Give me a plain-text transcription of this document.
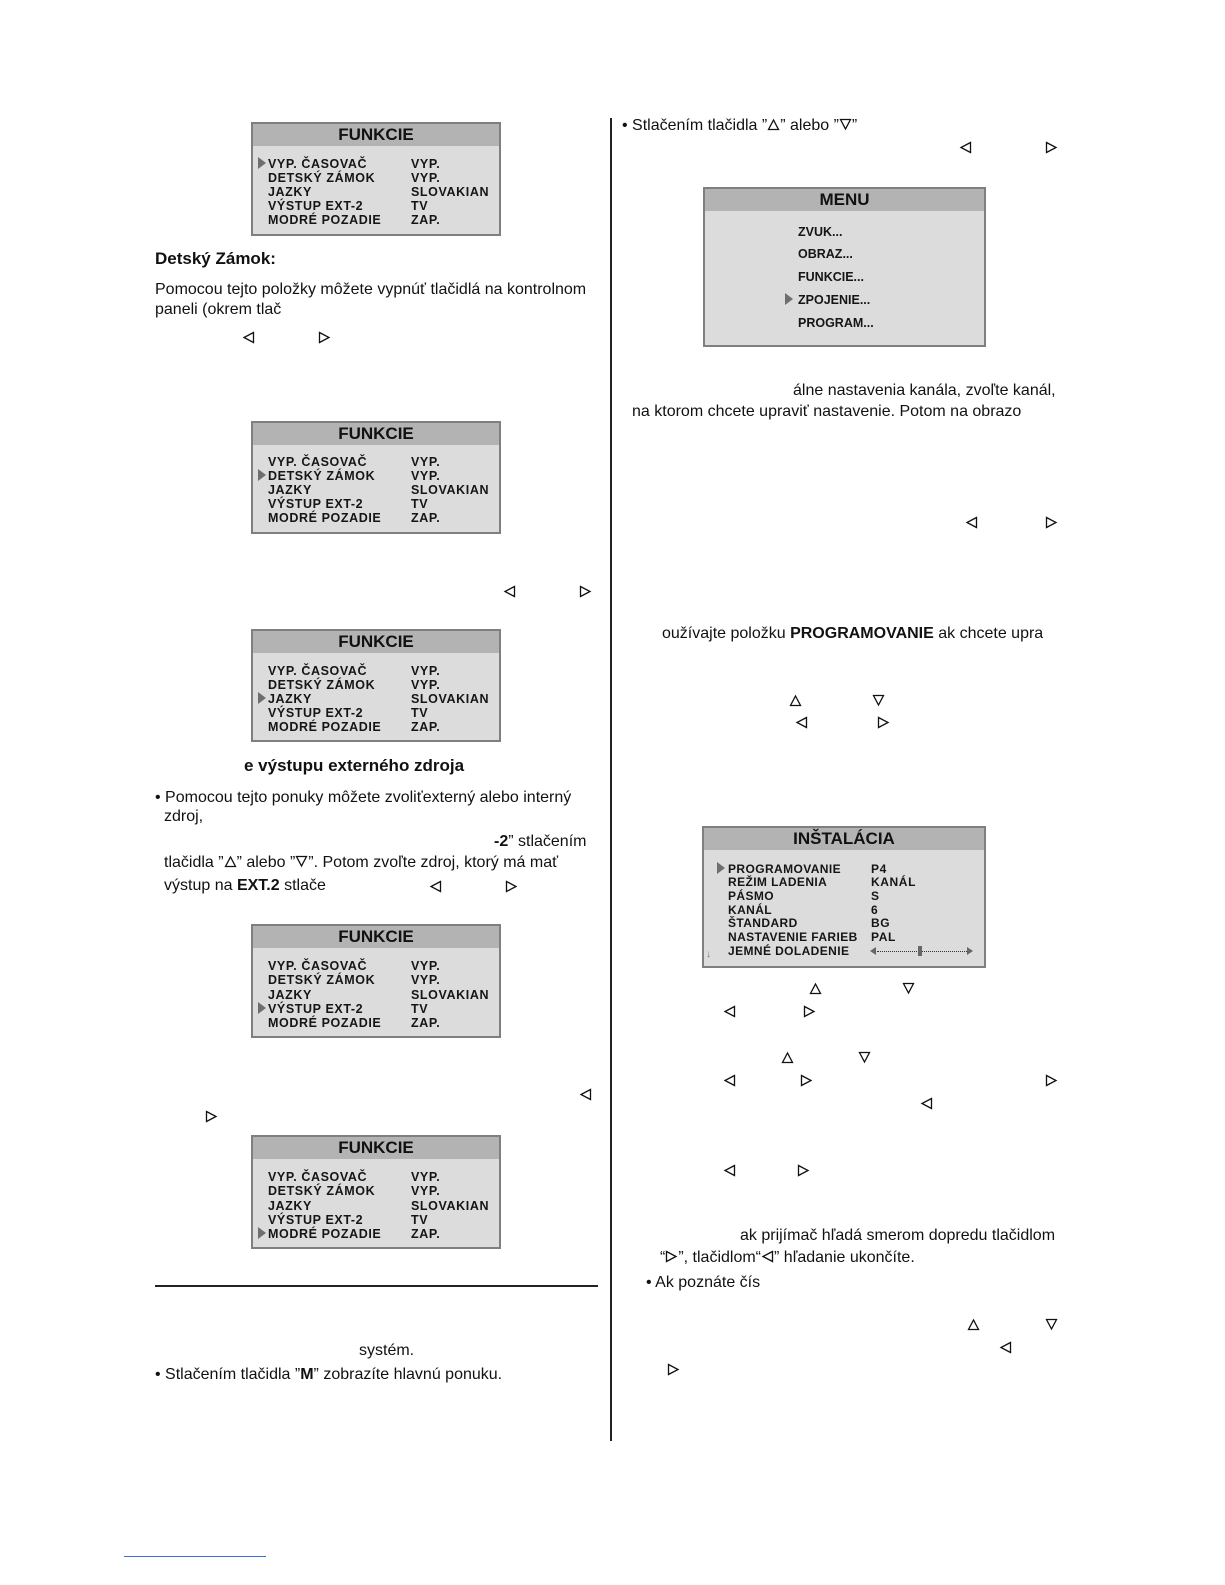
FUNKCIE
VYP. ČASOVAČ	VYP.
DETSKÝ ZÁMOK	VYP.
JAZKY	SLOVAKIAN
VÝSTUP EXT-2	TV
MODRÉ POZADIE ZAP.
Detský Zámok:
Pomocou tejto položky môžete vypnúť tlačidlá na kontrolnom
paneli (okrem tlač
FUNKCIE
VYP. ČASOVAČ	VYP.
DETSKÝ ZÁMOK	VYP.
JAZKY	SLOVAKIAN
VÝSTUP EXT-2	TV
MODRÉ POZADIE ZAP.
FUNKCIE
VYP. ČASOVAČ	VYP.
DETSKÝ ZÁMOK	VYP.
JAZKY	SLOVAKIAN
VÝSTUP EXT-2	TV
MODRÉ POZADIE ZAP.
e výstupu externého zdroja
• Pomocou tejto ponuky môžete zvoliťexterný alebo interný
zdroj,
-2” stlačením
tlačidla ” ” alebo ” ”. Potom zvoľte zdroj, ktorý má mať
výstup na EXT.2 stlače
FUNKCIE
VYP. ČASOVAČ	VYP.
DETSKÝ ZÁMOK	VYP.
JAZKY	SLOVAKIAN
VÝSTUP EXT-2	TV
MODRÉ POZADIE ZAP.
FUNKCIE
VYP. ČASOVAČ	VYP.
DETSKÝ ZÁMOK	VYP.
JAZKY	SLOVAKIAN
VÝSTUP EXT-2	TV
MODRÉ POZADIE ZAP.
systém.
• Stlačením tlačidla ”M” zobrazíte hlavnú ponuku.
• Stlačením tlačidla ” ” alebo ” ”
MENU
ZVUK...
OBRAZ...
FUNKCIE...
ZPOJENIE...
PROGRAM...
álne nastavenia kanála, zvoľte kanál,
na ktorom chcete upraviť nastavenie. Potom na obrazo
oužívajte položku PROGRAMOVANIE ak chcete upra
INŠTALÁCIA
PROGRAMOVANIE	P4
REŽIM LADENIA	KANÁL
PÁSMO	S
KANÁL	6
ŠTANDARD	BG
NASTAVENIE FARIEB PAL
JEMNÉ DOLADENIE
↓
ak prijímač hľadá smerom dopredu tlačidlom
“ ”, tlačidlom“ ” hľadanie ukončíte.
• Ak poznáte čís
